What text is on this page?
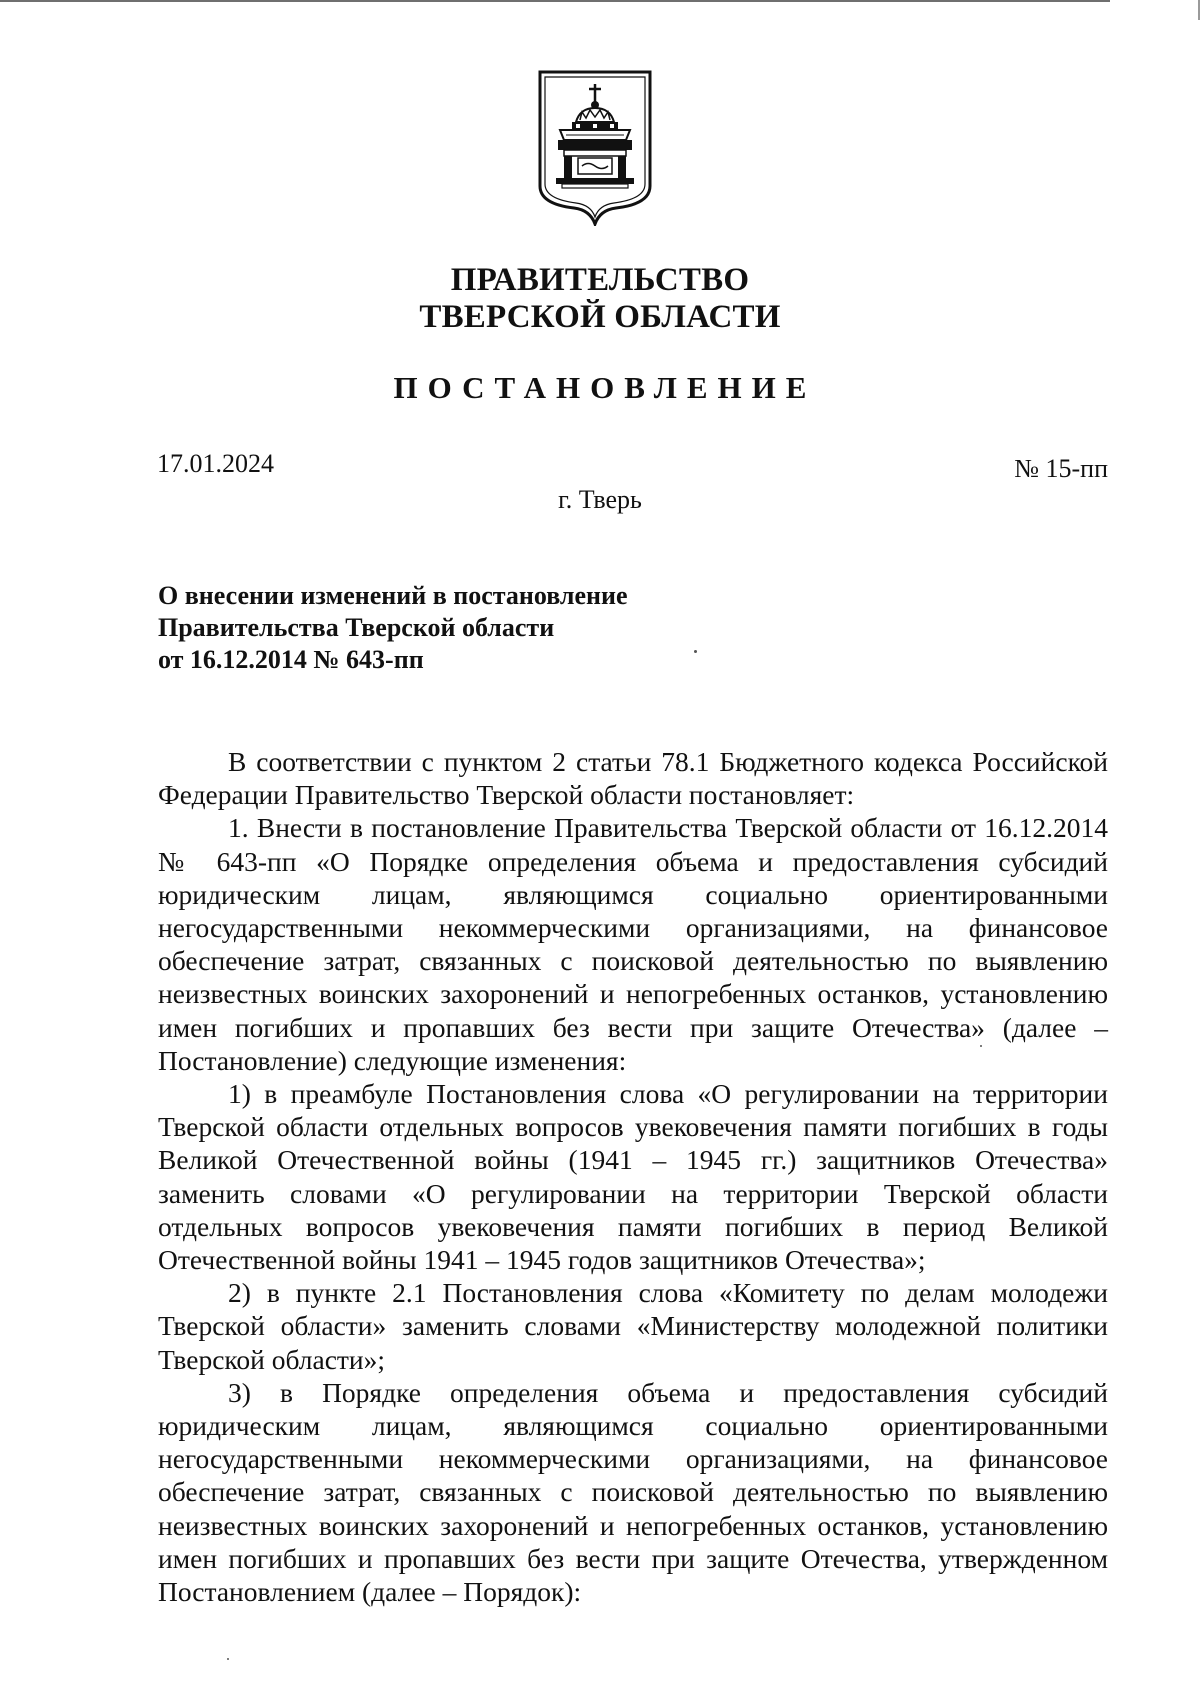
ПРАВИТЕЛЬСТВО
ТВЕРСКОЙ ОБЛАСТИ
ПОСТАНОВЛЕНИЕ
17.01.2024	№ 15-пп
г. Тверь
О внесении изменений в постановление
Правительства Тверской области
от 16.12.2014 № 643-пп

В соответствии с пунктом 2 статьи 78.1 Бюджетного кодекса Российской Федерации Правительство Тверской области постановляет:

1. Внести в постановление Правительства Тверской области от 16.12.2014 № 643-пп «О Порядке определения объема и предоставления субсидий юридическим лицам, являющимся социально ориентированными негосударственными некоммерческими организациями, на финансовое обеспечение затрат, связанных с поисковой деятельностью по выявлению неизвестных воинских захоронений и непогребенных останков, установлению имен погибших и пропавших без вести при защите Отечества» (далее – Постановление) следующие изменения:

1) в преамбуле Постановления слова «О регулировании на территории Тверской области отдельных вопросов увековечения памяти погибших в годы Великой Отечественной войны (1941 – 1945 гг.) защитников Отечества» заменить словами «О регулировании на территории Тверской области отдельных вопросов увековечения памяти погибших в период Великой Отечественной войны 1941 – 1945 годов защитников Отечества»;

2) в пункте 2.1 Постановления слова «Комитету по делам молодежи Тверской области» заменить словами «Министерству молодежной политики Тверской области»;

3) в Порядке определения объема и предоставления субсидий юридическим лицам, являющимся социально ориентированными негосударственными некоммерческими организациями, на финансовое обеспечение затрат, связанных с поисковой деятельностью по выявлению неизвестных воинских захоронений и непогребенных останков, установлению имен погибших и пропавших без вести при защите Отечества, утвержденном Постановлением (далее – Порядок):
